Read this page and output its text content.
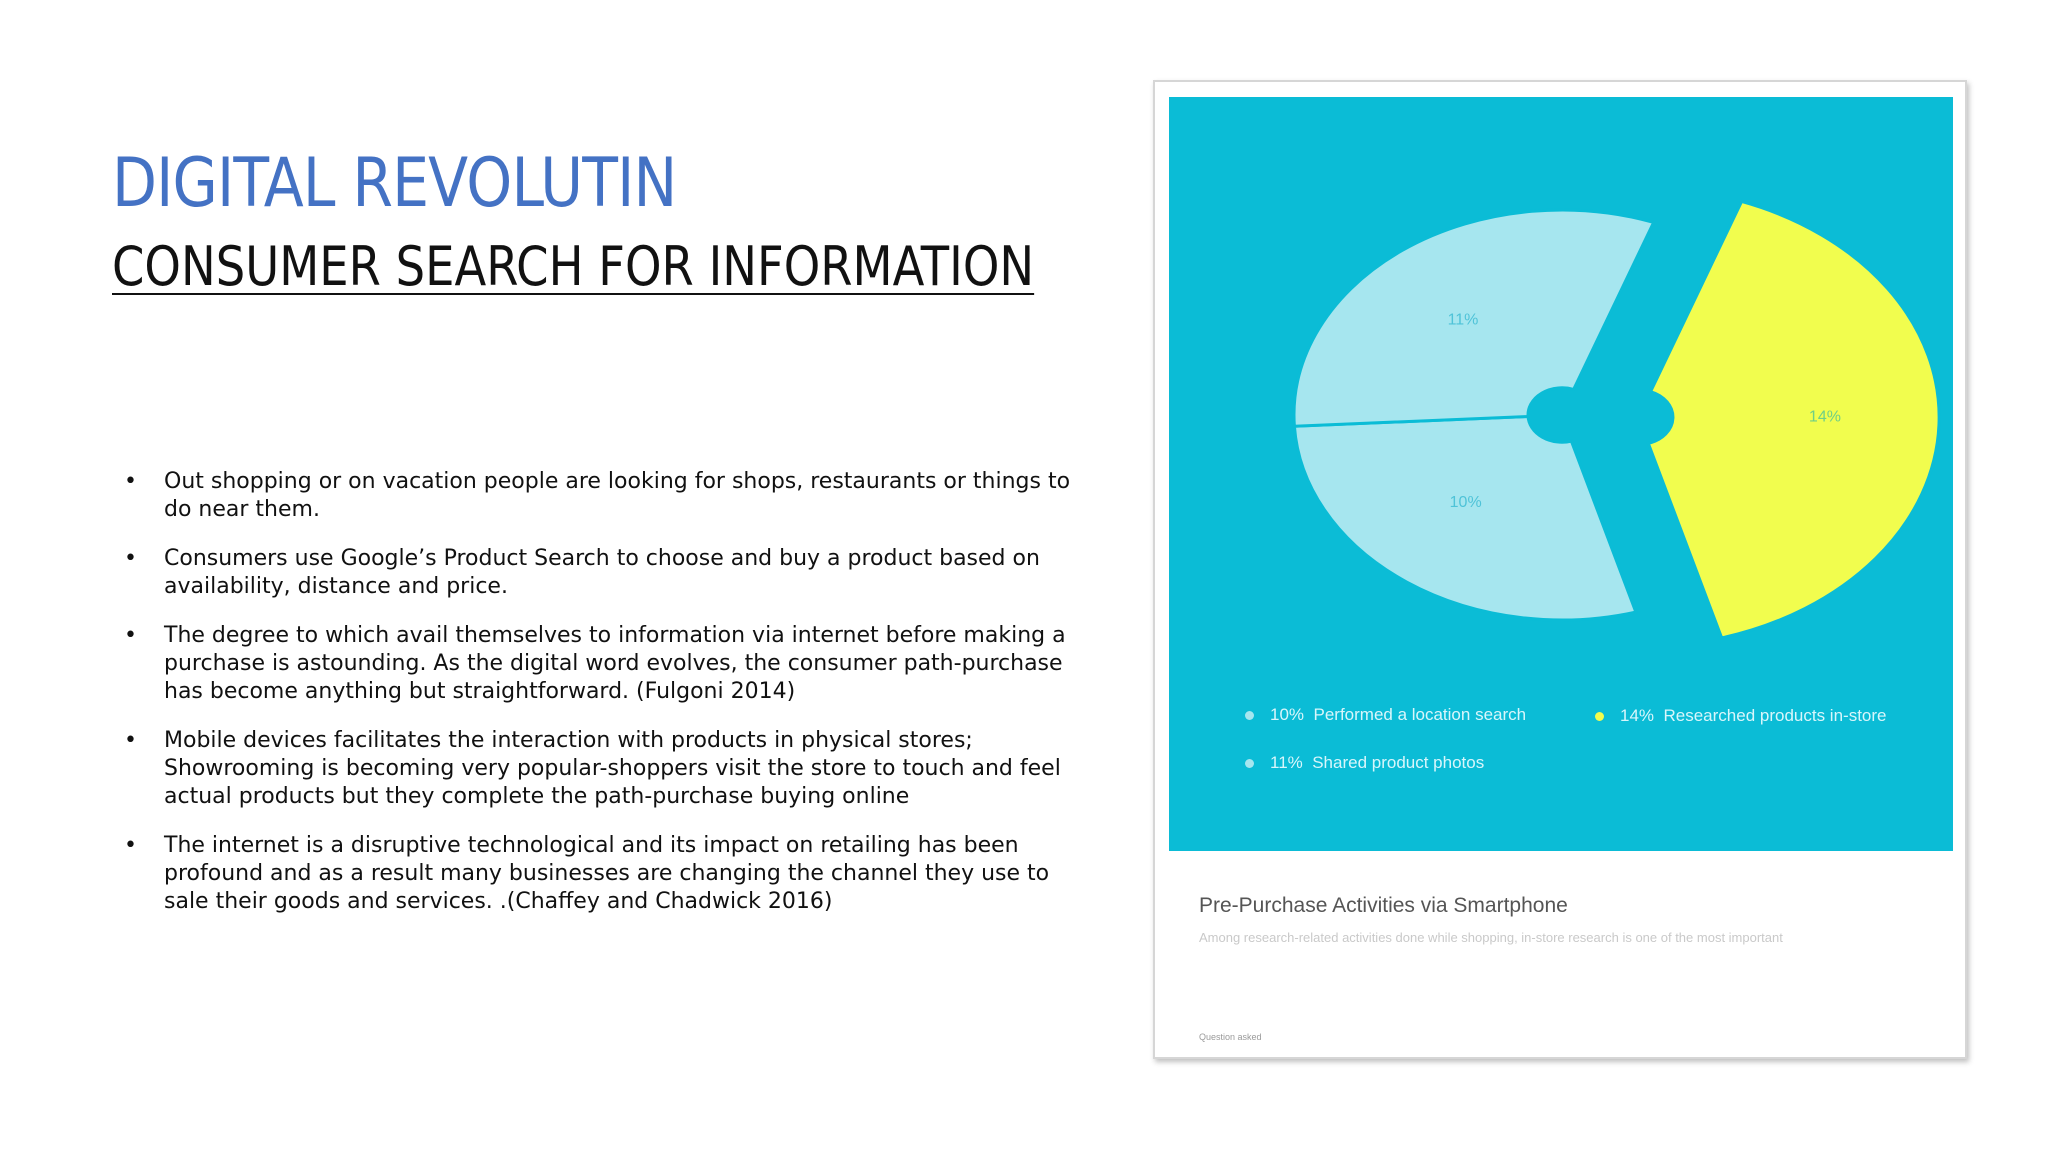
DIGITAL REVOLUTIN
CONSUMER SEARCH FOR INFORMATION
• Out shopping or on vacation people are looking for shops, restaurants or things to do near them.
• Consumers use Google’s Product Search to choose and buy a product based on availability, distance and price.
• The degree to which avail themselves to information via internet before making a purchase is astounding. As the digital word evolves, the consumer path-purchase has become anything but straightforward. (Fulgoni 2014)
• Mobile devices facilitates the interaction with products in physical stores; Showrooming is becoming very popular-shoppers visit the store to touch and feel actual products but they complete the path-purchase buying online
• The internet is a disruptive technological and its impact on retailing has been profound and as a result many businesses are changing the channel they use to sale their goods and services. .(Chaffey and Chadwick 2016)
14%
10%
11%
10% Performed a location search	14% Researched products in-store
11% Shared product photos
Pre-Purchase Activities via Smartphone
Among research-related activities done while shopping, in-store research is one of the most important
Question asked
